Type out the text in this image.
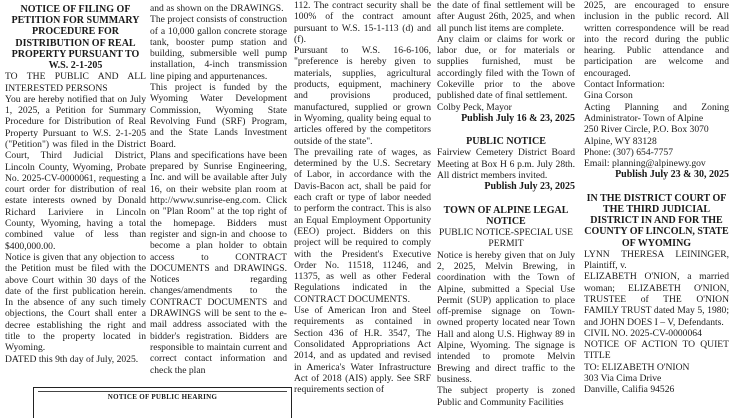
NOTICE OF FILING OF PETITION FOR SUMMARY PROCEDURE FOR DISTRIBUTION OF REAL PROPERTY PURSUANT TO W.S. 2-1-205

TO THE PUBLIC AND ALL INTERESTED PERSONS

You are hereby notified that on July 1, 2025, a Petition for Summary Procedure for Distribution of Real Property Pursuant to W.S. 2-1-205 ("Petition") was filed in the District Court, Third Judicial District, Lincoln County, Wyoming, Probate No. 2025-CV-0000061, requesting a court order for distribution of real estate interests owned by Donald Richard Lariviere in Lincoln County, Wyoming, having a total combined value of less than $400,000.00.

Notice is given that any objection to the Petition must be filed with the above Court within 30 days of the date of the first publication herein. In the absence of any such timely objections, the Court shall enter a decree establishing the right and title to the property located in Wyoming.

DATED this 9th day of July, 2025.

and as shown on the DRAWINGS.

The project consists of construction of a 10,000 gallon concrete storage tank, booster pump station and building, submersible well pump installation, 4-inch transmission line piping and appurtenances.

This project is funded by the Wyoming Water Development Commission, Wyoming State Revolving Fund (SRF) Program, and the State Lands Investment Board.

Plans and specifications have been prepared by Sunrise Engineering, Inc. and will be available after July 16, on their website plan room at http://www.sunrise-eng.com. Click on "Plan Room" at the top right of the homepage. Bidders must register and sign-in and choose to become a plan holder to obtain access to CONTRACT DOCUMENTS and DRAWINGS. Notices regarding changes/amendments to the CONTRACT DOCUMENTS and DRAWINGS will be sent to the e-mail address associated with the bidder's registration. Bidders are responsible to maintain current and correct contact information and check the plan

112. The contract security shall be 100% of the contract amount pursuant to W.S. 15-1-113 (d) and (f).

Pursuant to W.S. 16-6-106, "preference is hereby given to materials, supplies, agricultural products, equipment, machinery and provisions produced, manufactured, supplied or grown in Wyoming, quality being equal to articles offered by the competitors outside of the state".

The prevailing rate of wages, as determined by the U.S. Secretary of Labor, in accordance with the Davis-Bacon act, shall be paid for each craft or type of labor needed to perform the contract. This is also an Equal Employment Opportunity (EEO) project. Bidders on this project will be required to comply with the President's Executive Order No. 11518, 11246, and 11375, as well as other Federal Regulations indicated in the CONTRACT DOCUMENTS.

Use of American Iron and Steel requirements as contained in Section 436 of H.R. 3547, The Consolidated Appropriations Act 2014, and as updated and revised in America's Water Infrastructure Act of 2018 (AIS) apply. See SRF requirements section of

the date of final settlement will be after August 26th, 2025, and when all punch list items are complete.

Any claim or claims for work or labor due, or for materials or supplies furnished, must be accordingly filed with the Town of Cokeville prior to the above published date of final settlement.

Colby Peck, Mayor

Publish July 16 & 23, 2025

PUBLIC NOTICE

Fairview Cemetery District Board Meeting at Box H 6 p.m. July 28th. All district members invited.

Publish July 23, 2025

TOWN OF ALPINE LEGAL NOTICE

PUBLIC NOTICE-SPECIAL USE PERMIT

Notice is hereby given that on July 2, 2025, Melvin Brewing, in coordination with the Town of Alpine, submitted a Special Use Permit (SUP) application to place off-premise signage on Town-owned property located near Town Hall and along U.S. Highway 89 in Alpine, Wyoming. The signage is intended to promote Melvin Brewing and direct traffic to the business.

The subject property is zoned Public and Community Facilities

2025, are encouraged to ensure inclusion in the public record. All written correspondence will be read into the record during the public hearing. Public attendance and participation are welcome and encouraged.

Contact Information:

Gina Corson

Acting Planning and Zoning Administrator- Town of Alpine

250 River Circle, P.O. Box 3070

Alpine, WY 83128

Phone: (307) 654-7757

Email: planning@alpinewy.gov

Publish July 23 & 30, 2025

IN THE DISTRICT COURT OF THE THIRD JUDICIAL DISTRICT IN AND FOR THE COUNTY OF LINCOLN, STATE OF WYOMING

LYNN THERESA LEININGER, Plaintiff, v.

ELIZABETH O'NION, a married woman; ELIZABETH O'NION, TRUSTEE of THE O'NION FAMILY TRUST dated May 5, 1980; and JOHN DOES I – V, Defendants.

CIVIL NO. 2025-CV-0000064

NOTICE OF ACTION TO QUIET TITLE

TO: ELIZABETH O'NION

303 Via Cima Drive

Danville, Califia 94526

NOTICE OF PUBLIC HEARING
